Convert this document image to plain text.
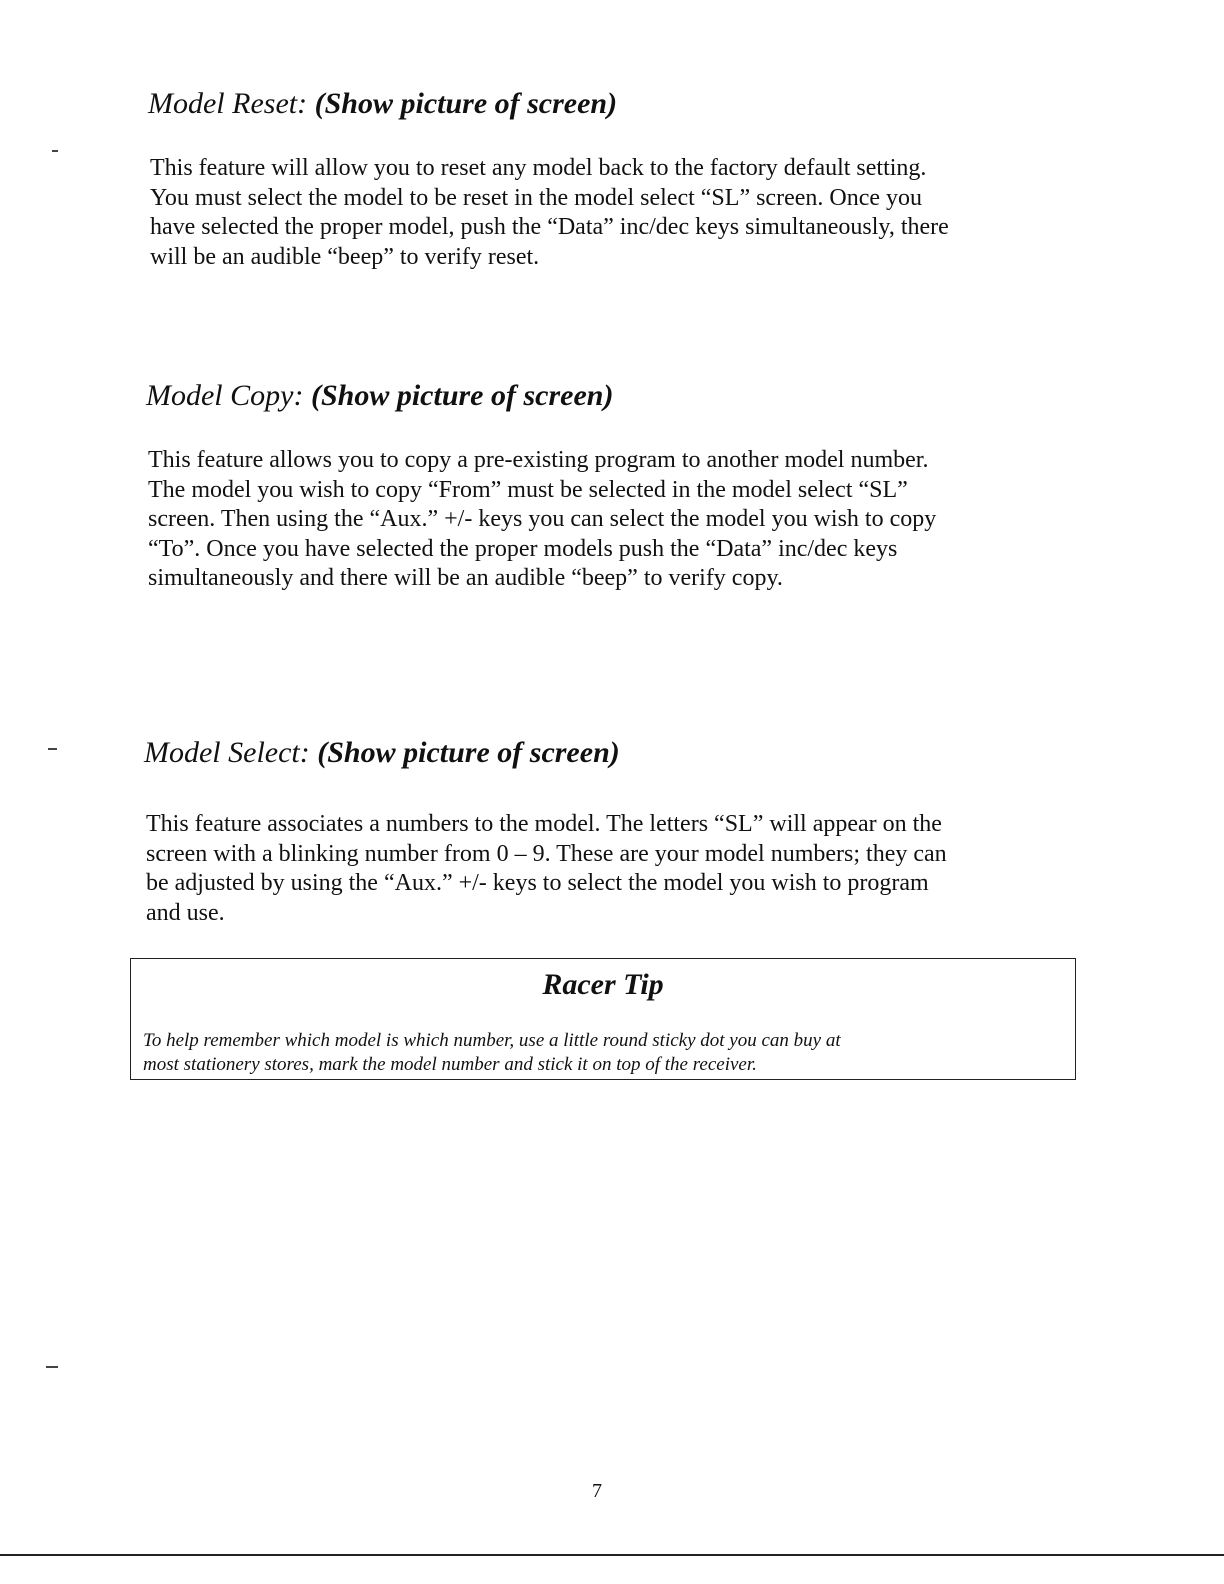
Model Reset: (Show picture of screen)

This feature will allow you to reset any model back to the factory default setting.
You must select the model to be reset in the model select “SL” screen. Once you
have selected the proper model, push the “Data” inc/dec keys simultaneously, there
will be an audible “beep” to verify reset.

Model Copy: (Show picture of screen)

This feature allows you to copy a pre-existing program to another model number.
The model you wish to copy “From” must be selected in the model select “SL”
screen. Then using the “Aux.” +/- keys you can select the model you wish to copy
“To”. Once you have selected the proper models push the “Data” inc/dec keys
simultaneously and there will be an audible “beep” to verify copy.

Model Select: (Show picture of screen)

This feature associates a numbers to the model. The letters “SL” will appear on the
screen with a blinking number from 0 – 9. These are your model numbers; they can
be adjusted by using the “Aux.” +/- keys to select the model you wish to program
and use.

Racer Tip
To help remember which model is which number, use a little round sticky dot you can buy at
most stationery stores, mark the model number and stick it on top of the receiver.
7
